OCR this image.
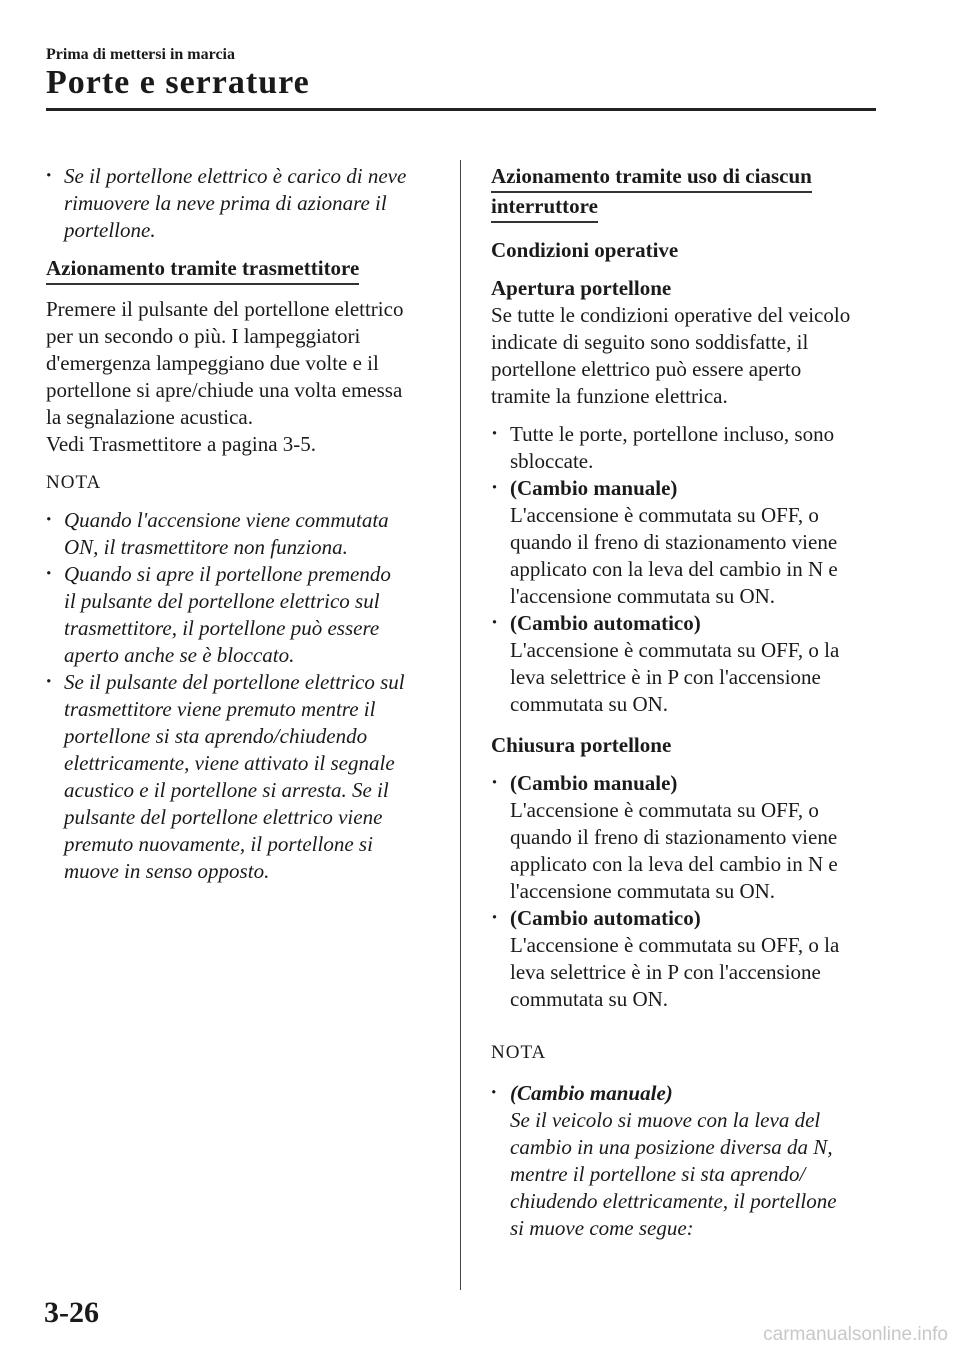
Prima di mettersi in marcia
Porte e serrature
· Se il portellone elettrico è carico di neve
rimuovere la neve prima di azionare il
portellone.
Azionamento tramite trasmettitore
Premere il pulsante del portellone elettrico
per un secondo o più. I lampeggiatori
d'emergenza lampeggiano due volte e il
portellone si apre/chiude una volta emessa
la segnalazione acustica.
Vedi Trasmettitore a pagina 3-5.
NOTA
· Quando l'accensione viene commutata
ON, il trasmettitore non funziona.
· Quando si apre il portellone premendo
il pulsante del portellone elettrico sul
trasmettitore, il portellone può essere
aperto anche se è bloccato.
· Se il pulsante del portellone elettrico sul
trasmettitore viene premuto mentre il
portellone si sta aprendo/chiudendo
elettricamente, viene attivato il segnale
acustico e il portellone si arresta. Se il
pulsante del portellone elettrico viene
premuto nuovamente, il portellone si
muove in senso opposto.
Azionamento tramite uso di ciascun
interruttore
Condizioni operative
Apertura portellone
Se tutte le condizioni operative del veicolo
indicate di seguito sono soddisfatte, il
portellone elettrico può essere aperto
tramite la funzione elettrica.
· Tutte le porte, portellone incluso, sono
sbloccate.
· (Cambio manuale)
L'accensione è commutata su OFF, o
quando il freno di stazionamento viene
applicato con la leva del cambio in N e
l'accensione commutata su ON.
· (Cambio automatico)
L'accensione è commutata su OFF, o la
leva selettrice è in P con l'accensione
commutata su ON.
Chiusura portellone
· (Cambio manuale)
L'accensione è commutata su OFF, o
quando il freno di stazionamento viene
applicato con la leva del cambio in N e
l'accensione commutata su ON.
· (Cambio automatico)
L'accensione è commutata su OFF, o la
leva selettrice è in P con l'accensione
commutata su ON.
NOTA
· (Cambio manuale)
Se il veicolo si muove con la leva del
cambio in una posizione diversa da N,
mentre il portellone si sta aprendo/
chiudendo elettricamente, il portellone
si muove come segue:
3-26
carmanualsonline.info
